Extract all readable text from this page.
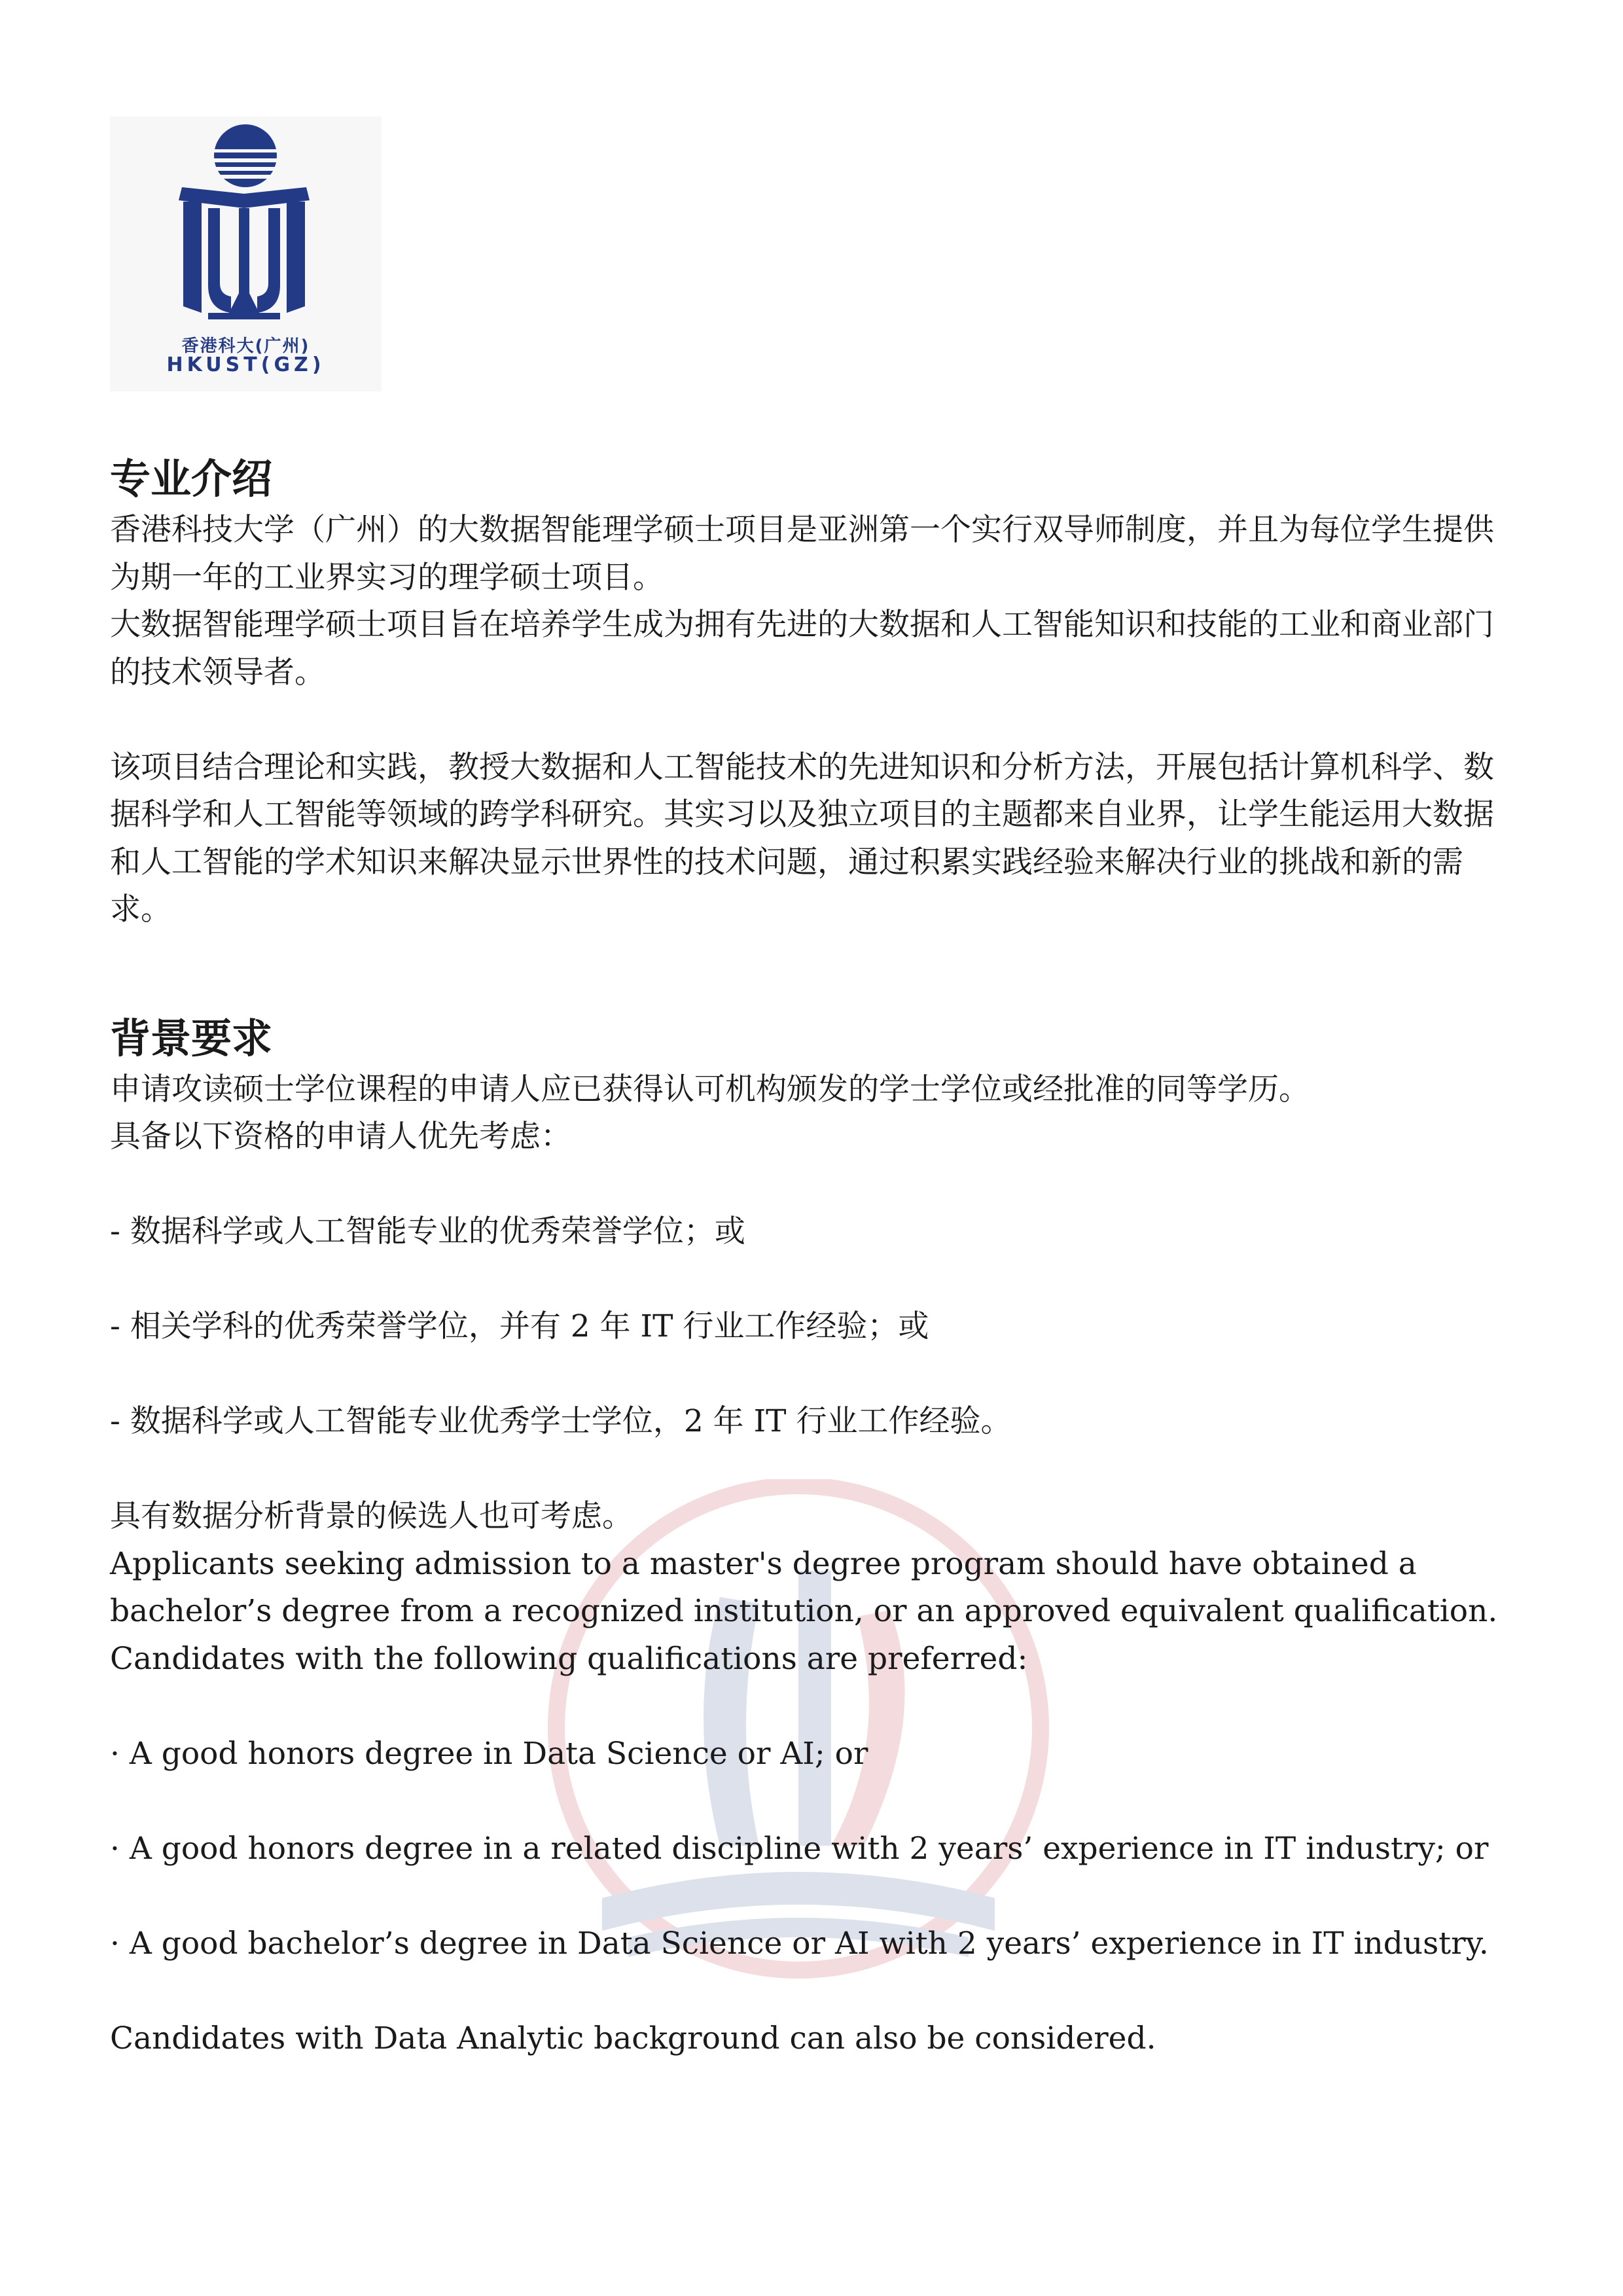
香港科大(广州)
HKUST(GZ)
专业介绍

香港科技大学（广州）的大数据智能理学硕士项目是亚洲第一个实行双导师制度，并且为每位学生提供为期一年的工业界实习的理学硕士项目。

大数据智能理学硕士项目旨在培养学生成为拥有先进的大数据和人工智能知识和技能的工业和商业部门的技术领导者。

该项目结合理论和实践，教授大数据和人工智能技术的先进知识和分析方法，开展包括计算机科学、数据科学和人工智能等领域的跨学科研究。其实习以及独立项目的主题都来自业界，让学生能运用大数据和人工智能的学术知识来解决显示世界性的技术问题，通过积累实践经验来解决行业的挑战和新的需求。

背景要求

申请攻读硕士学位课程的申请人应已获得认可机构颁发的学士学位或经批准的同等学历。

具备以下资格的申请人优先考虑：

- 数据科学或人工智能专业的优秀荣誉学位；或

- 相关学科的优秀荣誉学位，并有 2 年 IT 行业工作经验；或

- 数据科学或人工智能专业优秀学士学位，2 年 IT 行业工作经验。

具有数据分析背景的候选人也可考虑。

Applicants seeking admission to a master's degree program should have obtained a bachelor’s degree from a recognized institution, or an approved equivalent qualification.

Candidates with the following qualifications are preferred:

· A good honors degree in Data Science or AI; or

· A good honors degree in a related discipline with 2 years’ experience in IT industry; or

· A good bachelor’s degree in Data Science or AI with 2 years’ experience in IT industry.

Candidates with Data Analytic background can also be considered.
